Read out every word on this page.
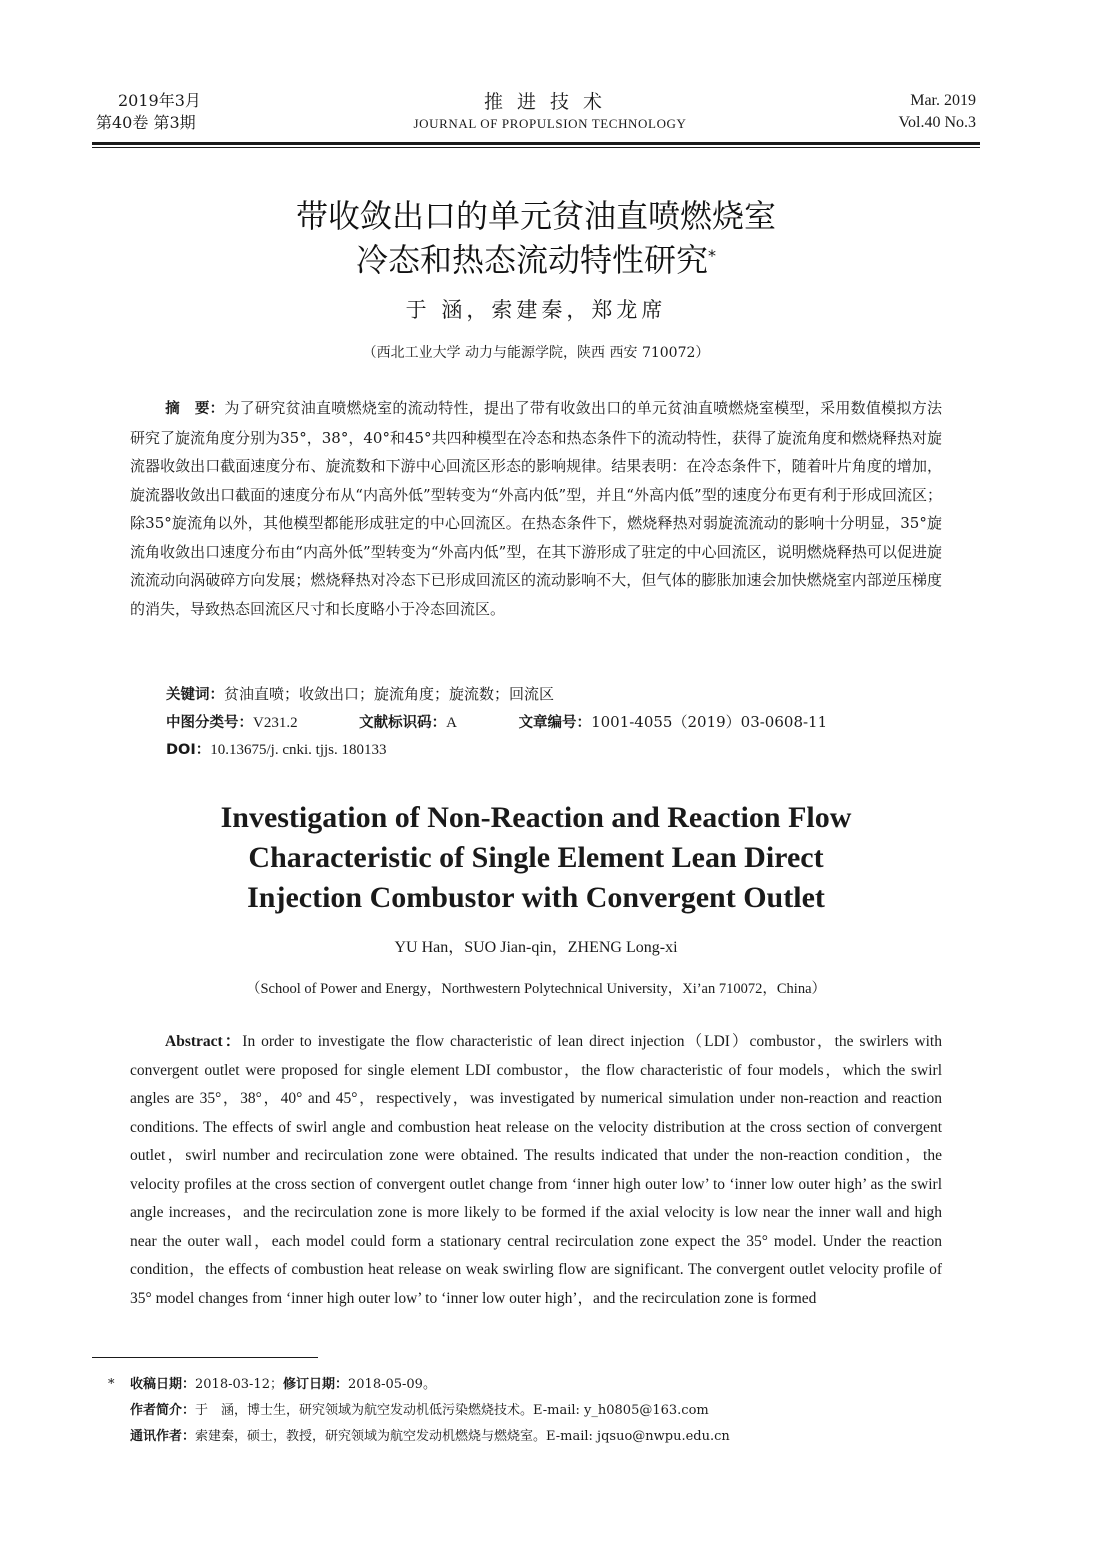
2019年3月
第40卷 第3期
推进技术
JOURNAL OF PROPULSION TECHNOLOGY
Mar. 2019
Vol.40 No.3
带收敛出口的单元贫油直喷燃烧室
冷态和热态流动特性研究*
于 涵，索建秦，郑龙席
（西北工业大学 动力与能源学院，陕西 西安 710072）
摘　要：为了研究贫油直喷燃烧室的流动特性，提出了带有收敛出口的单元贫油直喷燃烧室模型，采用数值模拟方法研究了旋流角度分别为35°，38°，40°和45°共四种模型在冷态和热态条件下的流动特性，获得了旋流角度和燃烧释热对旋流器收敛出口截面速度分布、旋流数和下游中心回流区形态的影响规律。结果表明：在冷态条件下，随着叶片角度的增加，旋流器收敛出口截面的速度分布从“内高外低”型转变为“外高内低”型，并且“外高内低”型的速度分布更有利于形成回流区；除35°旋流角以外，其他模型都能形成驻定的中心回流区。在热态条件下，燃烧释热对弱旋流流动的影响十分明显，35°旋流角收敛出口速度分布由“内高外低”型转变为“外高内低”型，在其下游形成了驻定的中心回流区，说明燃烧释热可以促进旋流流动向涡破碎方向发展；燃烧释热对冷态下已形成回流区的流动影响不大，但气体的膨胀加速会加快燃烧室内部逆压梯度的消失，导致热态回流区尺寸和长度略小于冷态回流区。
关键词：贫油直喷；收敛出口；旋流角度；旋流数；回流区
中图分类号：V231.2	文献标识码：A	文章编号：1001-4055（2019）03-0608-11
DOI：10.13675/j. cnki. tjjs. 180133
Investigation of Non-Reaction and Reaction Flow Characteristic of Single Element Lean Direct Injection Combustor with Convergent Outlet
YU Han，SUO Jian-qin，ZHENG Long-xi
（School of Power and Energy，Northwestern Polytechnical University，Xi’an 710072，China）
Abstract：In order to investigate the flow characteristic of lean direct injection（LDI）combustor，the swirlers with convergent outlet were proposed for single element LDI combustor，the flow characteristic of four models，which the swirl angles are 35°，38°，40° and 45°，respectively，was investigated by numerical simulation under non-reaction and reaction conditions. The effects of swirl angle and combustion heat release on the velocity distribution at the cross section of convergent outlet，swirl number and recirculation zone were obtained. The results indicated that under the non-reaction condition，the velocity profiles at the cross section of convergent outlet change from ‘inner high outer low’ to ‘inner low outer high’ as the swirl angle increases，and the recirculation zone is more likely to be formed if the axial velocity is low near the inner wall and high near the outer wall，each model could form a stationary central recirculation zone expect the 35° model. Under the reaction condition，the effects of combustion heat release on weak swirling flow are significant. The convergent outlet velocity profile of 35° model changes from ‘inner high outer low’ to ‘inner low outer high’，and the recirculation zone is formed
* 收稿日期：2018-03-12；修订日期：2018-05-09。
作者简介：于　涵，博士生，研究领域为航空发动机低污染燃烧技术。E-mail: y_h0805@163.com
通讯作者：索建秦，硕士，教授，研究领域为航空发动机燃烧与燃烧室。E-mail: jqsuo@nwpu.edu.cn
